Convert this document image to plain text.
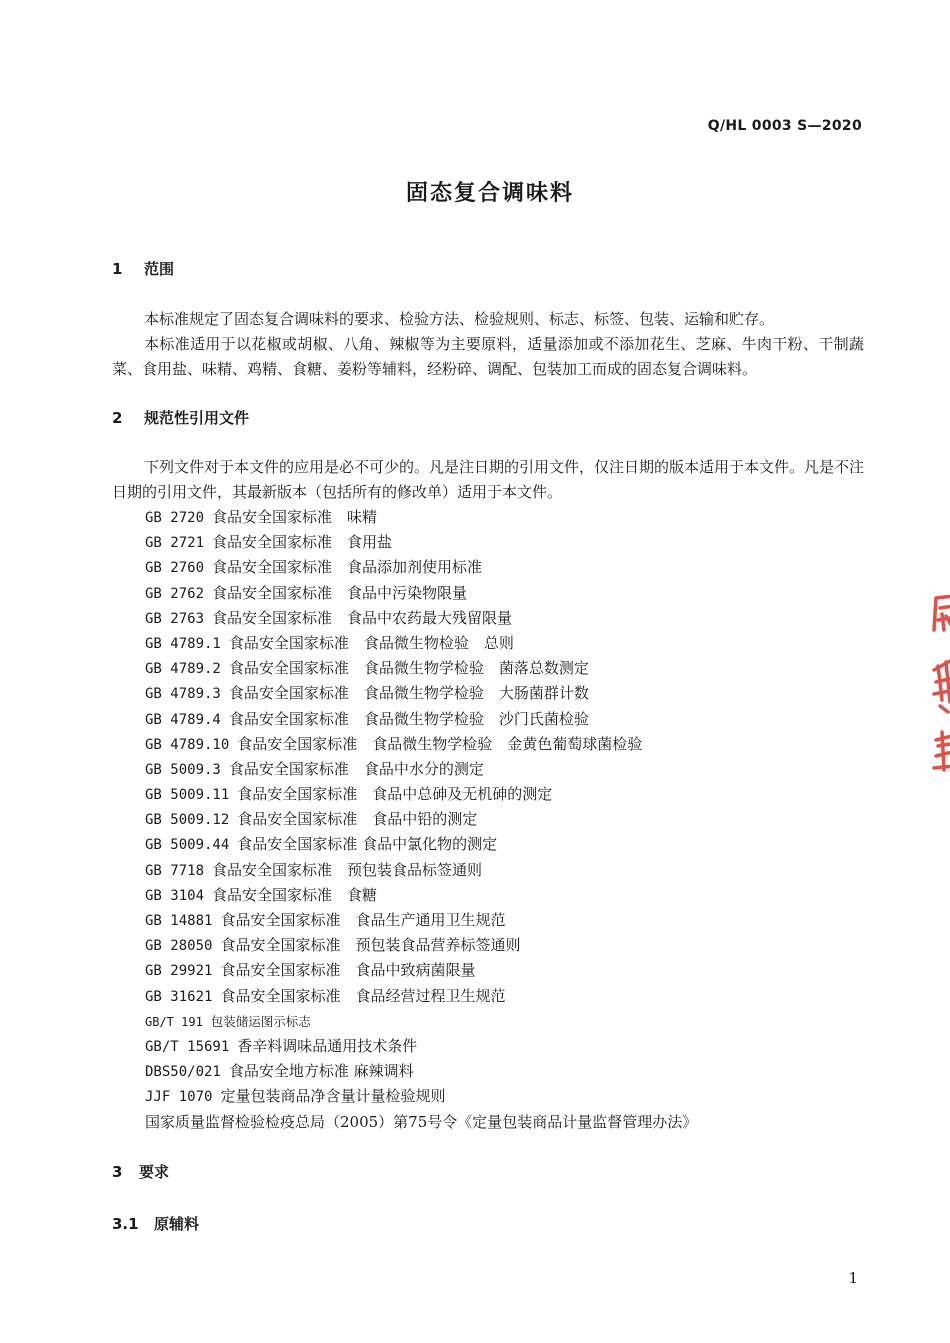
Q/HL 0003 S—2020
固态复合调味料
1 范围
本标准规定了固态复合调味料的要求、检验方法、检验规则、标志、标签、包装、运输和贮存。
本标准适用于以花椒或胡椒、八角、辣椒等为主要原料，适量添加或不添加花生、芝麻、牛肉干粉、干制蔬菜、食用盐、味精、鸡精、食糖、姜粉等辅料，经粉碎、调配、包装加工而成的固态复合调味料。
2 规范性引用文件
下列文件对于本文件的应用是必不可少的。凡是注日期的引用文件，仅注日期的版本适用于本文件。凡是不注日期的引用文件，其最新版本（包括所有的修改单）适用于本文件。
GB 2720 食品安全国家标准　味精
GB 2721 食品安全国家标准　食用盐
GB 2760 食品安全国家标准　食品添加剂使用标准
GB 2762 食品安全国家标准　食品中污染物限量
GB 2763 食品安全国家标准　食品中农药最大残留限量
GB 4789.1 食品安全国家标准　食品微生物检验　总则
GB 4789.2 食品安全国家标准　食品微生物学检验　菌落总数测定
GB 4789.3 食品安全国家标准　食品微生物学检验　大肠菌群计数
GB 4789.4 食品安全国家标准　食品微生物学检验　沙门氏菌检验
GB 4789.10 食品安全国家标准　食品微生物学检验　金黄色葡萄球菌检验
GB 5009.3 食品安全国家标准　食品中水分的测定
GB 5009.11 食品安全国家标准　食品中总砷及无机砷的测定
GB 5009.12 食品安全国家标准　食品中铅的测定
GB 5009.44 食品安全国家标准 食品中氯化物的测定
GB 7718 食品安全国家标准　预包装食品标签通则
GB 3104 食品安全国家标准　食糖
GB 14881 食品安全国家标准　食品生产通用卫生规范
GB 28050 食品安全国家标准　预包装食品营养标签通则
GB 29921 食品安全国家标准　食品中致病菌限量
GB 31621 食品安全国家标准　食品经营过程卫生规范
GB/T 191 包装储运图示标志
GB/T 15691 香辛料调味品通用技术条件
DBS50/021 食品安全地方标准 麻辣调料
JJF 1070 定量包装商品净含量计量检验规则
国家质量监督检验检疫总局（2005）第75号令《定量包装商品计量监督管理办法》
3 要求
3.1 原辅料
1
